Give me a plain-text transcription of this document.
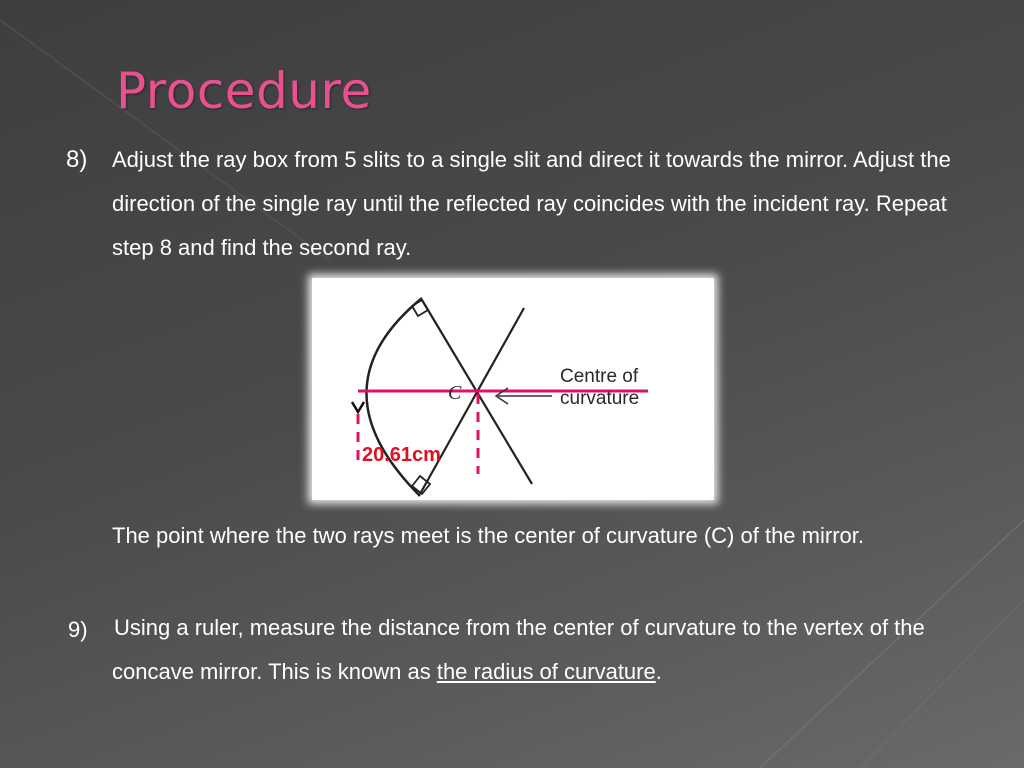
Procedure
8) Adjust the ray box from 5 slits to a single slit and direct it towards the mirror. Adjust the direction of the single ray until the reflected ray coincides with the incident ray. Repeat step 8 and find the second ray.
C
Centre of
curvature
20.61cm
The point where the two rays meet is the center of curvature (C) of the mirror.
9) Using a ruler, measure the distance from the center of curvature to the vertex of the concave mirror. This is known as the radius of curvature.
